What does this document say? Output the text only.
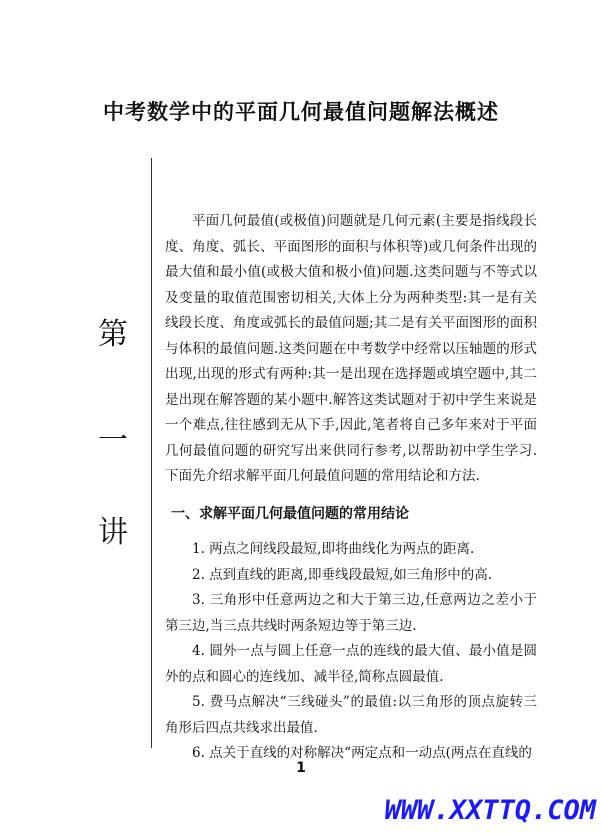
中考数学中的平面几何最值问题解法概述
第
一
讲

平面几何最值(或极值)问题就是几何元素(主要是指线段长度、角度、弧长、平面图形的面积与体积等)或几何条件出现的最大值和最小值(或极大值和极小值)问题.这类问题与不等式以及变量的取值范围密切相关,大体上分为两种类型:其一是有关线段长度、角度或弧长的最值问题;其二是有关平面图形的面积与体积的最值问题.这类问题在中考数学中经常以压轴题的形式出现,出现的形式有两种:其一是出现在选择题或填空题中,其二是出现在解答题的某小题中.解答这类试题对于初中学生来说是一个难点,往往感到无从下手,因此,笔者将自己多年来对于平面几何最值问题的研究写出来供同行参考,以帮助初中学生学习.下面先介绍求解平面几何最值问题的常用结论和方法.

一、求解平面几何最值问题的常用结论

1. 两点之间线段最短,即将曲线化为两点的距离.

2. 点到直线的距离,即垂线段最短,如三角形中的高.

3. 三角形中任意两边之和大于第三边,任意两边之差小于第三边,当三点共线时两条短边等于第三边.

4. 圆外一点与圆上任意一点的连线的最大值、最小值是圆外的点和圆心的连线加、减半径,简称点圆最值.

5. 费马点解决“三线碰头”的最值:以三角形的顶点旋转三角形后四点共线求出最值.

6. 点关于直线的对称解决“两定点和一动点(两点在直线的

1
WWW.XXTTQ.COM
